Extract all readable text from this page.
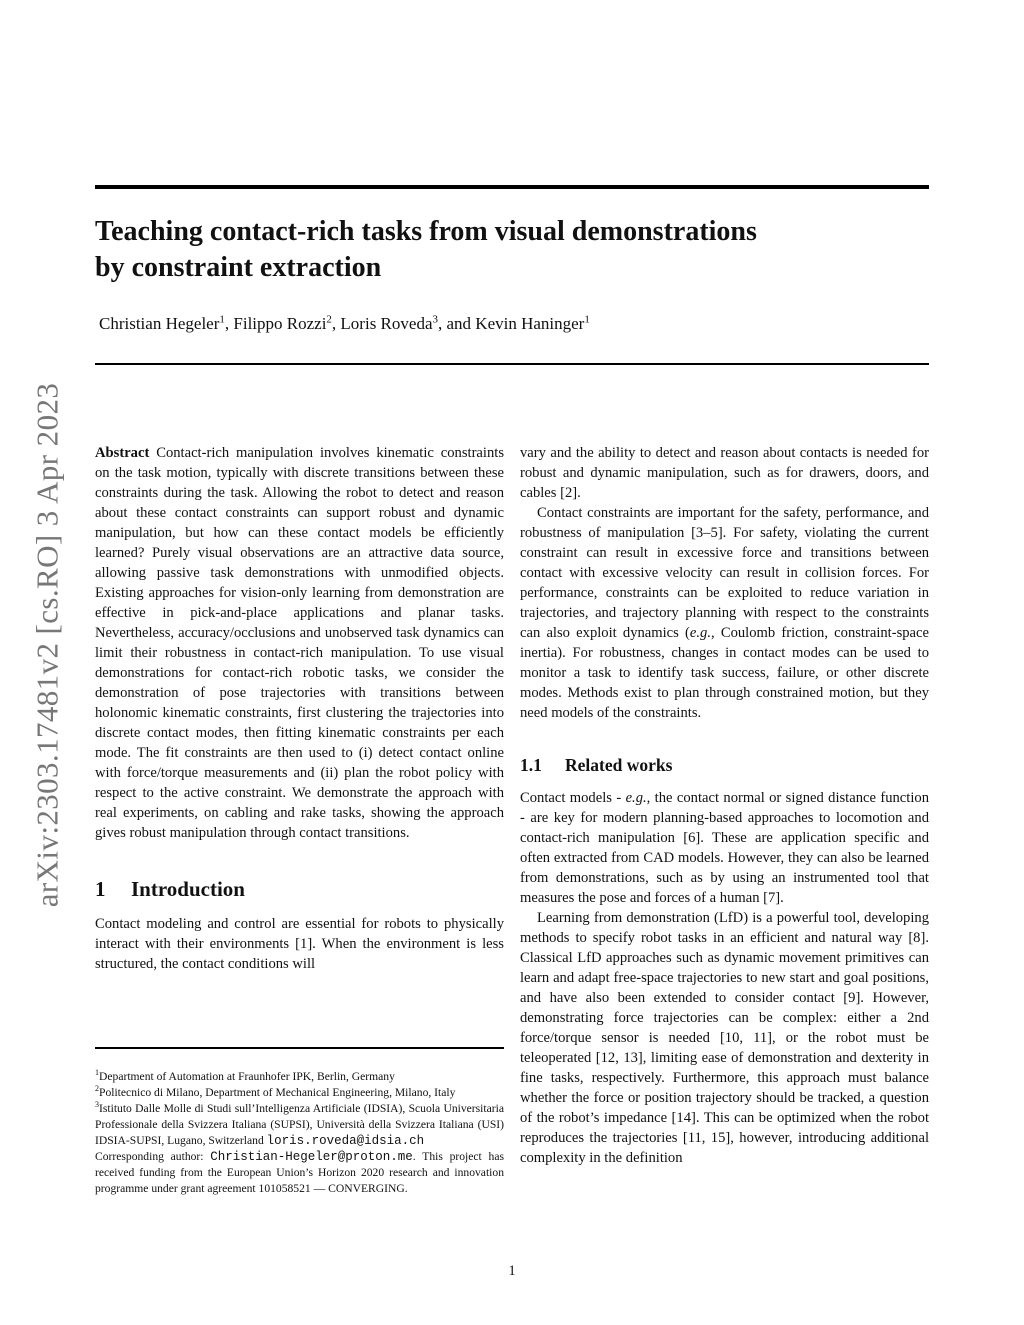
arXiv:2303.17481v2 [cs.RO] 3 Apr 2023
Teaching contact-rich tasks from visual demonstrations
by constraint extraction
Christian Hegeler$^1$, Filippo Rozzi$^2$, Loris Roveda$^3$, and Kevin Haninger$^1$

Abstract Contact-rich manipulation involves kinematic constraints on the task motion, typically with discrete transitions between these constraints during the task. Allowing the robot to detect and reason about these contact constraints can support robust and dynamic manipulation, but how can these contact models be efficiently learned? Purely visual observations are an attractive data source, allowing passive task demonstrations with unmodified objects. Existing approaches for vision-only learning from demonstration are effective in pick-and-place applications and planar tasks. Nevertheless, accuracy/occlusions and unobserved task dynamics can limit their robustness in contact-rich manipulation. To use visual demonstrations for contact-rich robotic tasks, we consider the demonstration of pose trajectories with transitions between holonomic kinematic constraints, first clustering the trajectories into discrete contact modes, then fitting kinematic constraints per each mode. The fit constraints are then used to (i) detect contact online with force/torque measurements and (ii) plan the robot policy with respect to the active constraint. We demonstrate the approach with real experiments, on cabling and rake tasks, showing the approach gives robust manipulation through contact transitions.

1 Introduction

Contact modeling and control are essential for robots to physically interact with their environments [1]. When the environment is less structured, the contact conditions will

$^1$Department of Automation at Fraunhofer IPK, Berlin, Germany

$^2$Politecnico di Milano, Department of Mechanical Engineering, Milano, Italy

$^3$Istituto Dalle Molle di Studi sull’Intelligenza Artificiale (IDSIA), Scuola Universitaria Professionale della Svizzera Italiana (SUPSI), Università della Svizzera Italiana (USI) IDSIA-SUPSI, Lugano, Switzerland loris.roveda@idsia.ch

Corresponding author: Christian-Hegeler@proton.me. This project has received funding from the European Union’s Horizon 2020 research and innovation programme under grant agreement 101058521 — CONVERGING.

vary and the ability to detect and reason about contacts is needed for robust and dynamic manipulation, such as for drawers, doors, and cables [2].

Contact constraints are important for the safety, performance, and robustness of manipulation [3–5]. For safety, violating the current constraint can result in excessive force and transitions between contact with excessive velocity can result in collision forces. For performance, constraints can be exploited to reduce variation in trajectories, and trajectory planning with respect to the constraints can also exploit dynamics (e.g., Coulomb friction, constraint-space inertia). For robustness, changes in contact modes can be used to monitor a task to identify task success, failure, or other discrete modes. Methods exist to plan through constrained motion, but they need models of the constraints.

1.1 Related works

Contact models - e.g., the contact normal or signed distance function - are key for modern planning-based approaches to locomotion and contact-rich manipulation [6]. These are application specific and often extracted from CAD models. However, they can also be learned from demonstrations, such as by using an instrumented tool that measures the pose and forces of a human [7].

Learning from demonstration (LfD) is a powerful tool, developing methods to specify robot tasks in an efficient and natural way [8]. Classical LfD approaches such as dynamic movement primitives can learn and adapt free-space trajectories to new start and goal positions, and have also been extended to consider contact [9]. However, demonstrating force trajectories can be complex: either a 2nd force/torque sensor is needed [10, 11], or the robot must be teleoperated [12, 13], limiting ease of demonstration and dexterity in fine tasks, respectively. Furthermore, this approach must balance whether the force or position trajectory should be tracked, a question of the robot’s impedance [14]. This can be optimized when the robot reproduces the trajectories [11, 15], however, introducing additional complexity in the definition

1
